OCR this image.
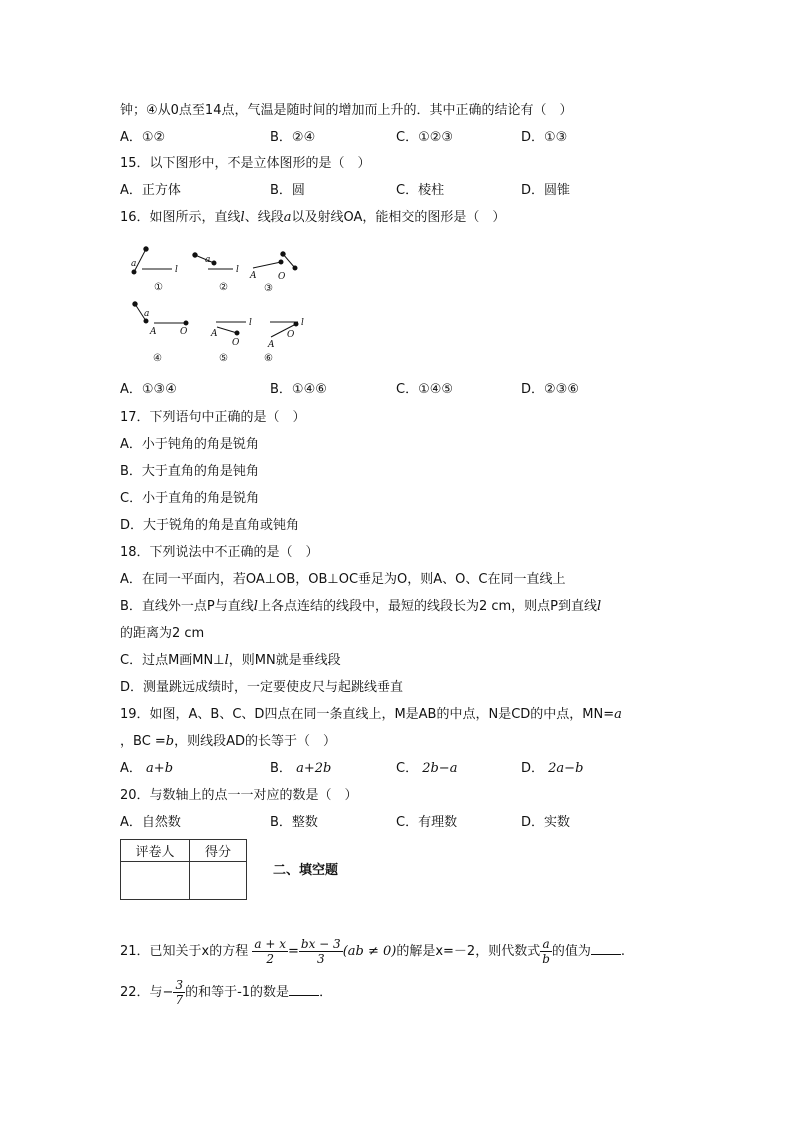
钟；④从0点至14点，气温是随时间的增加而上升的．其中正确的结论有（　）
A．①②	B．②④	C．①②③	D．①③
15．以下图形中，不是立体图形的是（　）
A．正方体	B．圆	C．棱柱	D．圆锥
16．如图所示，直线l、线段a以及射线OA，能相交的图形是（　）
a
l
a
l
A O
a
A	O
l
A
O
l
O
A
①	②	③
④	⑤	⑥
A．①③④	B．①④⑥	C．①④⑤	D．②③⑥
17．下列语句中正确的是（　）
A．小于钝角的角是锐角
B．大于直角的角是钝角
C．小于直角的角是锐角
D．大于锐角的角是直角或钝角
18．下列说法中不正确的是（　）
A．在同一平面内，若OA⊥OB，OB⊥OC垂足为O，则A、O、C在同一直线上
B．直线外一点P与直线l上各点连结的线段中，最短的线段长为2 cm，则点P到直线l
的距离为2 cm
C．过点M画MN⊥l，则MN就是垂线段
D．测量跳远成绩时，一定要使皮尺与起跳线垂直
19．如图，A、B、C、D四点在同一条直线上，M是AB的中点，N是CD的中点，MN=a
，BC =b，则线段AD的长等于（　）
A． a+b	B． a+2b	C． 2b−a	D． 2a−b
20．与数轴上的点一一对应的数是（　）
A．自然数	B．整数	C．有理数	D．实数
评卷人	得分

二、填空题
21．已知关于x的方程 $\frac{a + x}{2} = \frac{bx - 3}{3} (ab \ne 0)$的解是x=－2，则代数式 $\frac{a}{b}$ 的值为 .
22．与− $\frac{3}{7}$ 的和等于-1的数是 ．
